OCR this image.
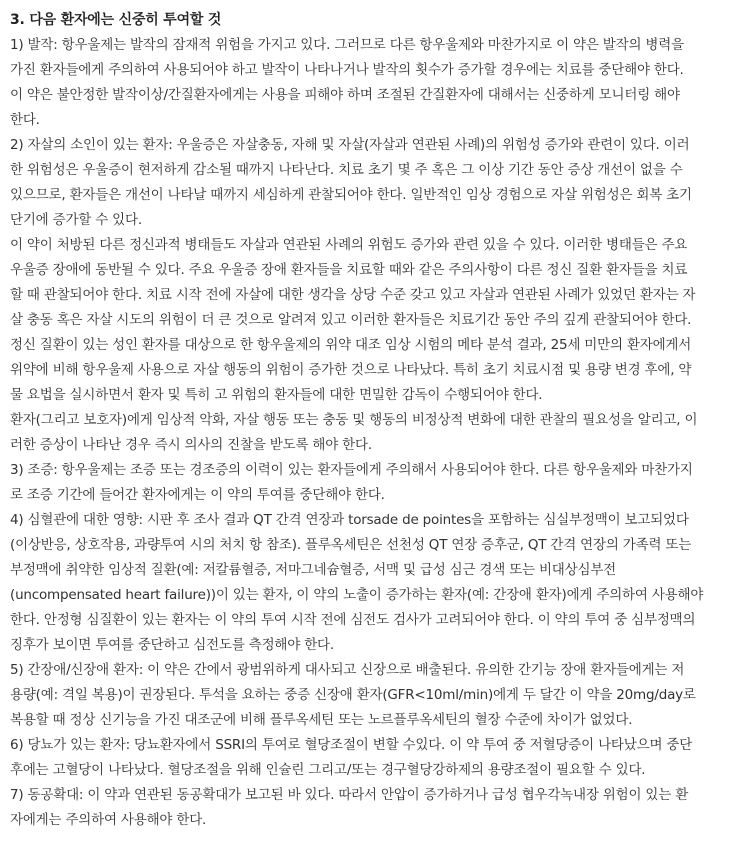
3. 다음 환자에는 신중히 투여할 것
1) 발작: 항우울제는 발작의 잠재적 위험을 가지고 있다. 그러므로 다른 항우울제와 마찬가지로 이 약은 발작의 병력을
가진 환자들에게 주의하여 사용되어야 하고 발작이 나타나거나 발작의 횟수가 증가할 경우에는 치료를 중단해야 한다.
이 약은 불안정한 발작이상/간질환자에게는 사용을 피해야 하며 조절된 간질환자에 대해서는 신중하게 모니터링 해야
한다.
2) 자살의 소인이 있는 환자: 우울증은 자살충동, 자해 및 자살(자살과 연관된 사례)의 위험성 증가와 관련이 있다. 이러
한 위험성은 우울증이 현저하게 감소될 때까지 나타난다. 치료 초기 몇 주 혹은 그 이상 기간 동안 증상 개선이 없을 수
있으므로, 환자들은 개선이 나타날 때까지 세심하게 관찰되어야 한다. 일반적인 임상 경험으로 자살 위험성은 회복 초기
단기에 증가할 수 있다.
이 약이 처방된 다른 정신과적 병태들도 자살과 연관된 사례의 위험도 증가와 관련 있을 수 있다. 이러한 병태들은 주요
우울증 장애에 동반될 수 있다. 주요 우울증 장애 환자들을 치료할 때와 같은 주의사항이 다른 정신 질환 환자들을 치료
할 때 관찰되어야 한다. 치료 시작 전에 자살에 대한 생각을 상당 수준 갖고 있고 자살과 연관된 사례가 있었던 환자는 자
살 충동 혹은 자살 시도의 위험이 더 큰 것으로 알려져 있고 이러한 환자들은 치료기간 동안 주의 깊게 관찰되어야 한다.
정신 질환이 있는 성인 환자를 대상으로 한 항우울제의 위약 대조 임상 시험의 메타 분석 결과, 25세 미만의 환자에게서
위약에 비해 항우울제 사용으로 자살 행동의 위험이 증가한 것으로 나타났다. 특히 초기 치료시점 및 용량 변경 후에, 약
물 요법을 실시하면서 환자 및 특히 고 위험의 환자들에 대한 면밀한 감독이 수행되어야 한다.
환자(그리고 보호자)에게 임상적 악화, 자살 행동 또는 충동 및 행동의 비정상적 변화에 대한 관찰의 필요성을 알리고, 이
러한 증상이 나타난 경우 즉시 의사의 진찰을 받도록 해야 한다.
3) 조증: 항우울제는 조증 또는 경조증의 이력이 있는 환자들에게 주의해서 사용되어야 한다. 다른 항우울제와 마찬가지
로 조증 기간에 들어간 환자에게는 이 약의 투여를 중단해야 한다.
4) 심혈관에 대한 영향: 시판 후 조사 결과 QT 간격 연장과 torsade de pointes을 포함하는 심실부정맥이 보고되었다
(이상반응, 상호작용, 과량투여 시의 처치 항 참조). 플루옥세틴은 선천성 QT 연장 증후군, QT 간격 연장의 가족력 또는
부정맥에 취약한 임상적 질환(예: 저칼륨혈증, 저마그네슘혈증, 서맥 및 급성 심근 경색 또는 비대상심부전
(uncompensated heart failure))이 있는 환자, 이 약의 노출이 증가하는 환자(예: 간장애 환자)에게 주의하여 사용해야
한다. 안정형 심질환이 있는 환자는 이 약의 투여 시작 전에 심전도 검사가 고려되어야 한다. 이 약의 투여 중 심부정맥의
징후가 보이면 투여를 중단하고 심전도를 측정해야 한다.
5) 간장애/신장애 환자: 이 약은 간에서 광범위하게 대사되고 신장으로 배출된다. 유의한 간기능 장애 환자들에게는 저
용량(예: 격일 복용)이 권장된다. 투석을 요하는 중증 신장애 환자(GFR<10ml/min)에게 두 달간 이 약을 20mg/day로
복용할 때 정상 신기능을 가진 대조군에 비해 플루옥세틴 또는 노르플루옥세틴의 혈장 수준에 차이가 없었다.
6) 당뇨가 있는 환자: 당뇨환자에서 SSRI의 투여로 혈당조절이 변할 수있다. 이 약 투여 중 저혈당증이 나타났으며 중단
후에는 고혈당이 나타났다. 혈당조절을 위해 인슐린 그리고/또는 경구혈당강하제의 용량조절이 필요할 수 있다.
7) 동공확대: 이 약과 연관된 동공확대가 보고된 바 있다. 따라서 안압이 증가하거나 급성 협우각녹내장 위험이 있는 환
자에게는 주의하여 사용해야 한다.
